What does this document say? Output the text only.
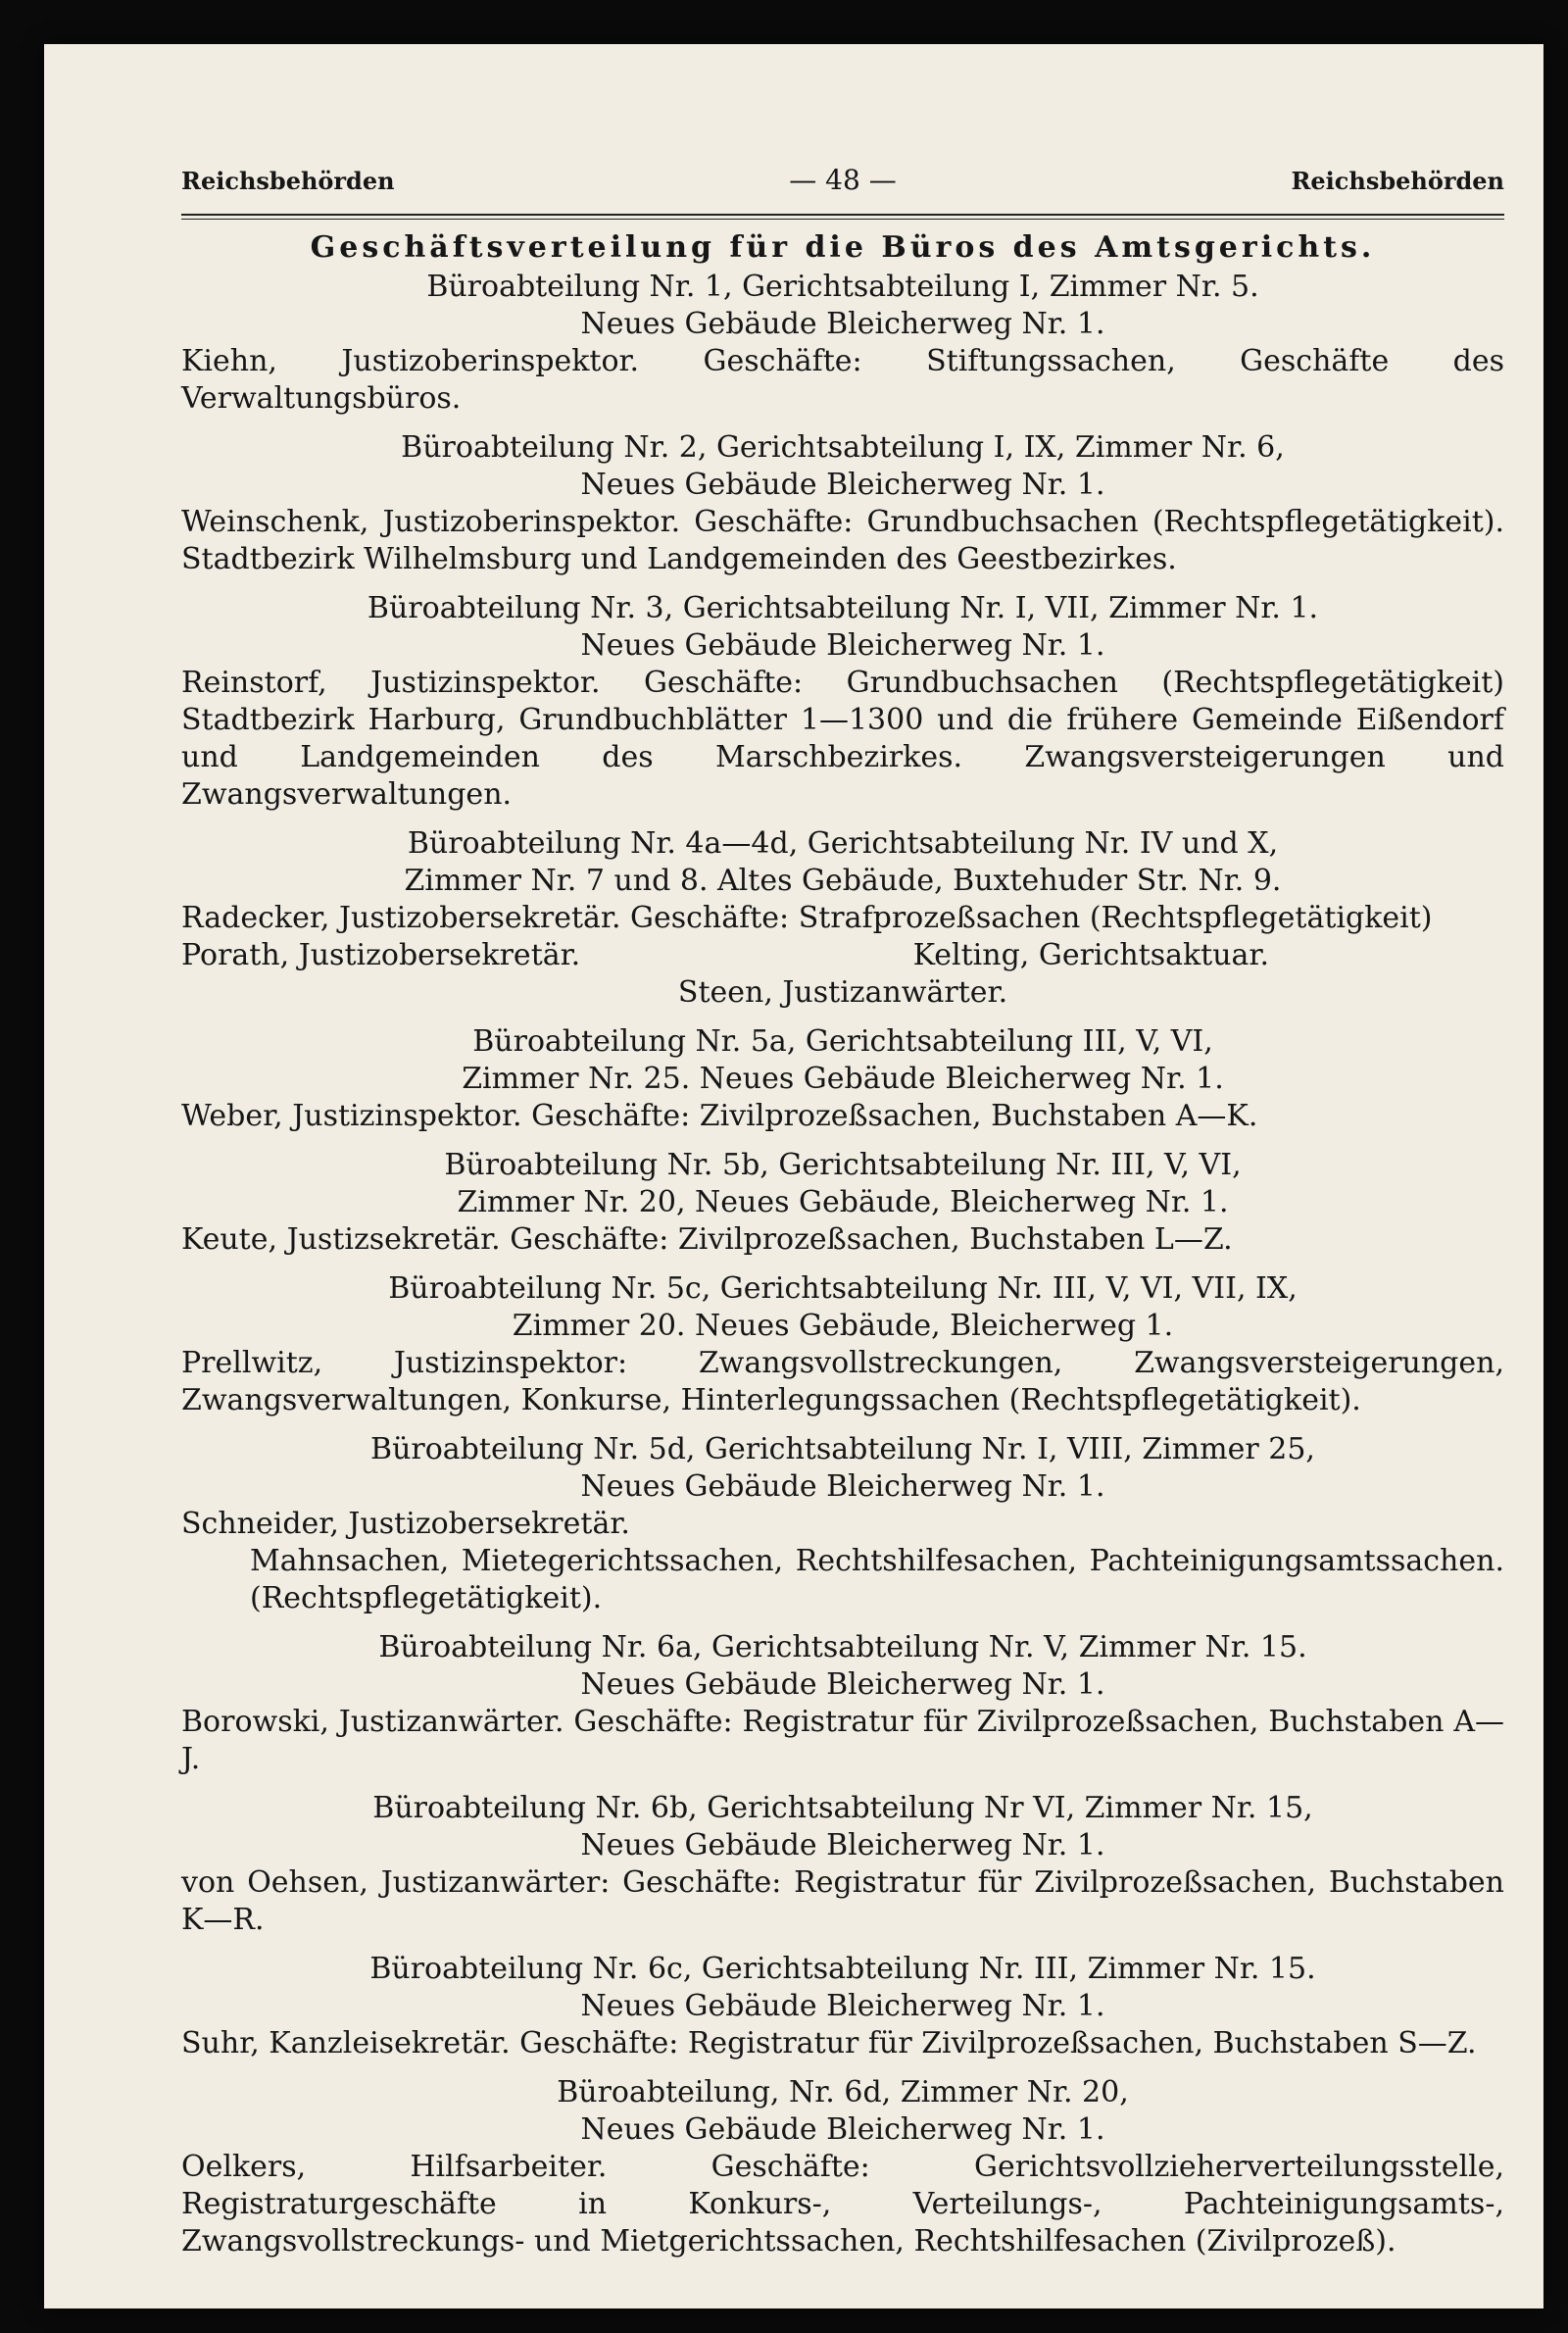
Reichsbehörden	— 48 —	Reichsbehörden
Geschäftsverteilung für die Büros des Amtsgerichts.
Büroabteilung Nr. 1, Gerichtsabteilung I, Zimmer Nr. 5.
Neues Gebäude Bleicherweg Nr. 1.
Kiehn, Justizoberinspektor. Geschäfte: Stiftungssachen, Geschäfte des Verwaltungsbüros.
Büroabteilung Nr. 2, Gerichtsabteilung I, IX, Zimmer Nr. 6,
Neues Gebäude Bleicherweg Nr. 1.
Weinschenk, Justizoberinspektor. Geschäfte: Grundbuchsachen (Rechtspflegetätigkeit). Stadtbezirk Wilhelmsburg und Landgemeinden des Geestbezirkes.
Büroabteilung Nr. 3, Gerichtsabteilung Nr. I, VII, Zimmer Nr. 1.
Neues Gebäude Bleicherweg Nr. 1.
Reinstorf, Justizinspektor. Geschäfte: Grundbuchsachen (Rechtspflegetätigkeit) Stadtbezirk Harburg, Grundbuchblätter 1—1300 und die frühere Gemeinde Eißendorf und Landgemeinden des Marschbezirkes. Zwangsversteigerungen und Zwangsverwaltungen.
Büroabteilung Nr. 4a—4d, Gerichtsabteilung Nr. IV und X,
Zimmer Nr. 7 und 8. Altes Gebäude, Buxtehuder Str. Nr. 9.
Radecker, Justizobersekretär. Geschäfte: Strafprozeßsachen (Rechtspflegetätigkeit)
Porath, Justizobersekretär.	Kelting, Gerichtsaktuar.
Steen, Justizanwärter.
Büroabteilung Nr. 5a, Gerichtsabteilung III, V, VI,
Zimmer Nr. 25. Neues Gebäude Bleicherweg Nr. 1.
Weber, Justizinspektor. Geschäfte: Zivilprozeßsachen, Buchstaben A—K.
Büroabteilung Nr. 5b, Gerichtsabteilung Nr. III, V, VI,
Zimmer Nr. 20, Neues Gebäude, Bleicherweg Nr. 1.
Keute, Justizsekretär. Geschäfte: Zivilprozeßsachen, Buchstaben L—Z.
Büroabteilung Nr. 5c, Gerichtsabteilung Nr. III, V, VI, VII, IX,
Zimmer 20. Neues Gebäude, Bleicherweg 1.
Prellwitz, Justizinspektor: Zwangsvollstreckungen, Zwangsversteigerungen, Zwangsverwaltungen, Konkurse, Hinterlegungssachen (Rechtspflegetätigkeit).
Büroabteilung Nr. 5d, Gerichtsabteilung Nr. I, VIII, Zimmer 25,
Neues Gebäude Bleicherweg Nr. 1.
Schneider, Justizobersekretär.
Mahnsachen, Mietegerichtssachen, Rechtshilfesachen, Pachteinigungsamtssachen. (Rechtspflegetätigkeit).
Büroabteilung Nr. 6a, Gerichtsabteilung Nr. V, Zimmer Nr. 15.
Neues Gebäude Bleicherweg Nr. 1.
Borowski, Justizanwärter. Geschäfte: Registratur für Zivilprozeßsachen, Buchstaben A—J.
Büroabteilung Nr. 6b, Gerichtsabteilung Nr VI, Zimmer Nr. 15,
Neues Gebäude Bleicherweg Nr. 1.
von Oehsen, Justizanwärter: Geschäfte: Registratur für Zivilprozeßsachen, Buchstaben K—R.
Büroabteilung Nr. 6c, Gerichtsabteilung Nr. III, Zimmer Nr. 15.
Neues Gebäude Bleicherweg Nr. 1.
Suhr, Kanzleisekretär. Geschäfte: Registratur für Zivilprozeßsachen, Buchstaben S—Z.
Büroabteilung, Nr. 6d, Zimmer Nr. 20,
Neues Gebäude Bleicherweg Nr. 1.
Oelkers, Hilfsarbeiter. Geschäfte: Gerichtsvollzieherverteilungsstelle, Registraturgeschäfte in Konkurs-, Verteilungs-, Pachteinigungsamts-, Zwangsvollstreckungs- und Mietgerichtssachen, Rechtshilfesachen (Zivilprozeß).
